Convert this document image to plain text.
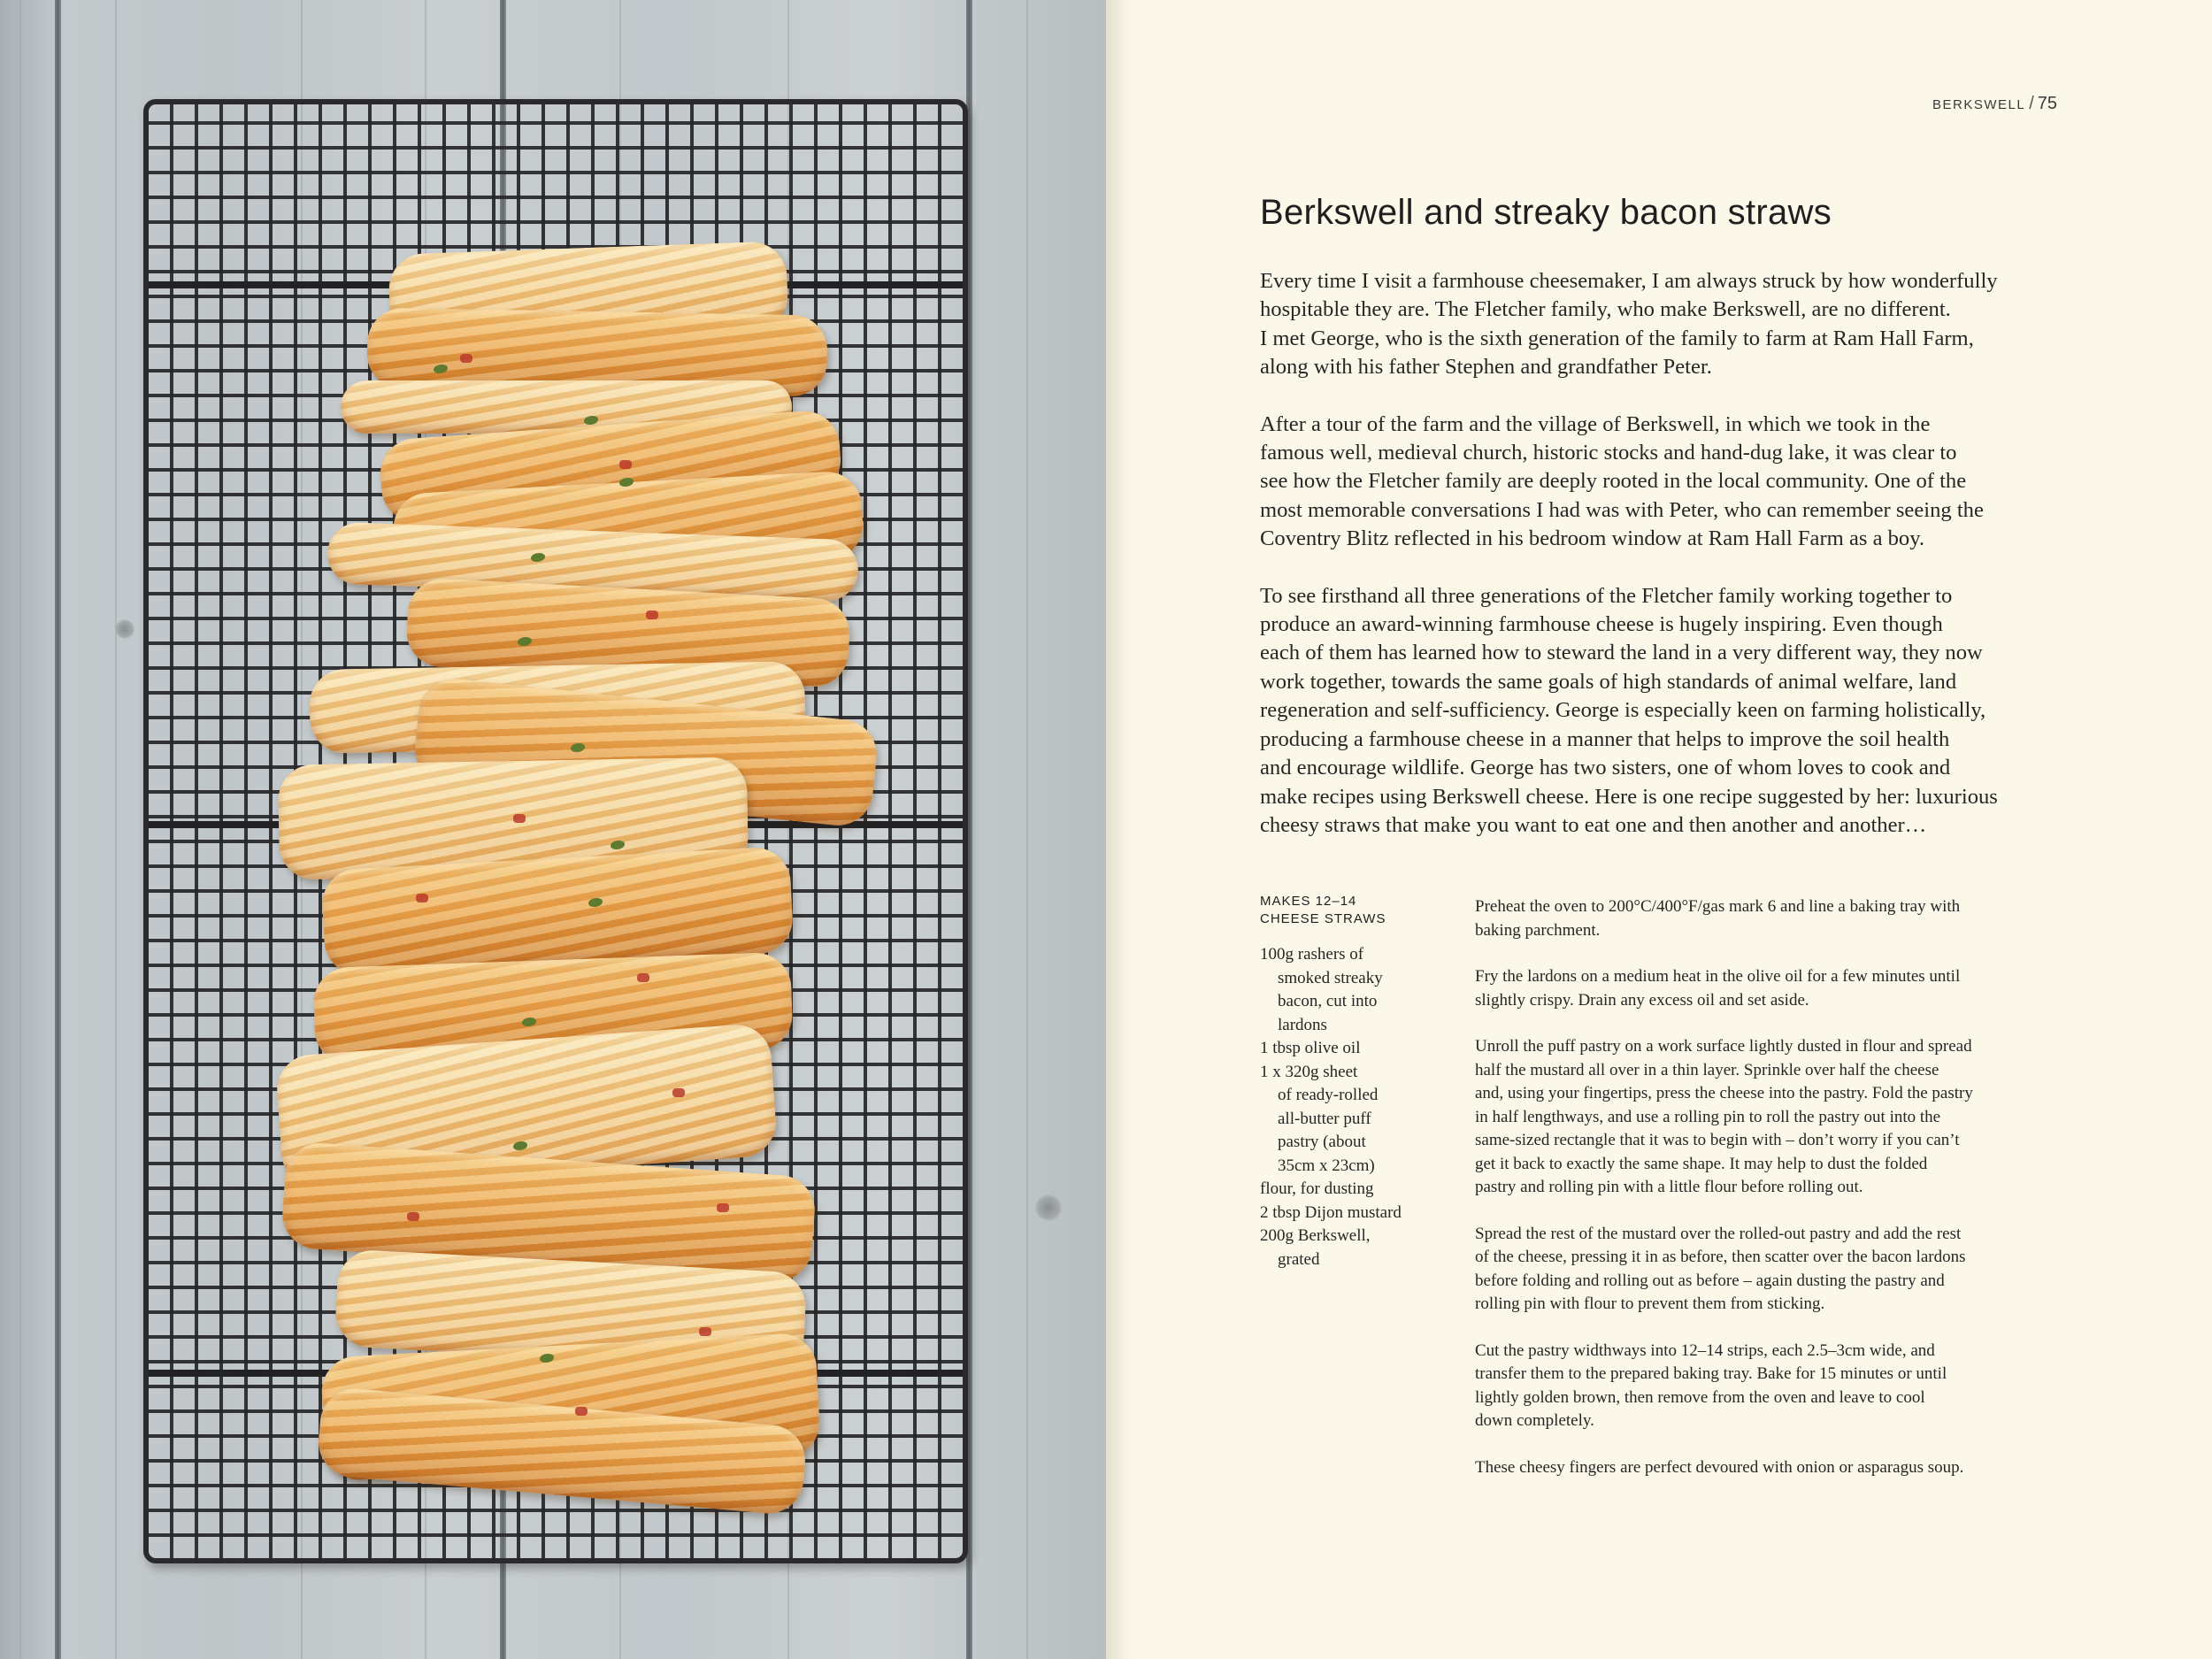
BERKSWELL / 75
Berkswell and streaky bacon straws

Every time I visit a farmhouse cheesemaker, I am always struck by how wonderfully
hospitable they are. The Fletcher family, who make Berkswell, are no different.
I met George, who is the sixth generation of the family to farm at Ram Hall Farm,
along with his father Stephen and grandfather Peter.

After a tour of the farm and the village of Berkswell, in which we took in the
famous well, medieval church, historic stocks and hand-dug lake, it was clear to
see how the Fletcher family are deeply rooted in the local community. One of the
most memorable conversations I had was with Peter, who can remember seeing the
Coventry Blitz reflected in his bedroom window at Ram Hall Farm as a boy.

To see firsthand all three generations of the Fletcher family working together to
produce an award-winning farmhouse cheese is hugely inspiring. Even though
each of them has learned how to steward the land in a very different way, they now
work together, towards the same goals of high standards of animal welfare, land
regeneration and self-sufficiency. George is especially keen on farming holistically,
producing a farmhouse cheese in a manner that helps to improve the soil health
and encourage wildlife. George has two sisters, one of whom loves to cook and
make recipes using Berkswell cheese. Here is one recipe suggested by her: luxurious
cheesy straws that make you want to eat one and then another and another…

MAKES 12–14
CHEESE STRAWS
100g rashers of
smoked streaky
bacon, cut into
lardons
1 tbsp olive oil
1 x 320g sheet
of ready-rolled
all-butter puff
pastry (about
35cm x 23cm)
flour, for dusting
2 tbsp Dijon mustard
200g Berkswell,
grated

Preheat the oven to 200°C/400°F/gas mark 6 and line a baking tray with
baking parchment.

Fry the lardons on a medium heat in the olive oil for a few minutes until
slightly crispy. Drain any excess oil and set aside.

Unroll the puff pastry on a work surface lightly dusted in flour and spread
half the mustard all over in a thin layer. Sprinkle over half the cheese
and, using your fingertips, press the cheese into the pastry. Fold the pastry
in half lengthways, and use a rolling pin to roll the pastry out into the
same-sized rectangle that it was to begin with – don’t worry if you can’t
get it back to exactly the same shape. It may help to dust the folded
pastry and rolling pin with a little flour before rolling out.

Spread the rest of the mustard over the rolled-out pastry and add the rest
of the cheese, pressing it in as before, then scatter over the bacon lardons
before folding and rolling out as before – again dusting the pastry and
rolling pin with flour to prevent them from sticking.

Cut the pastry widthways into 12–14 strips, each 2.5–3cm wide, and
transfer them to the prepared baking tray. Bake for 15 minutes or until
lightly golden brown, then remove from the oven and leave to cool
down completely.

These cheesy fingers are perfect devoured with onion or asparagus soup.
